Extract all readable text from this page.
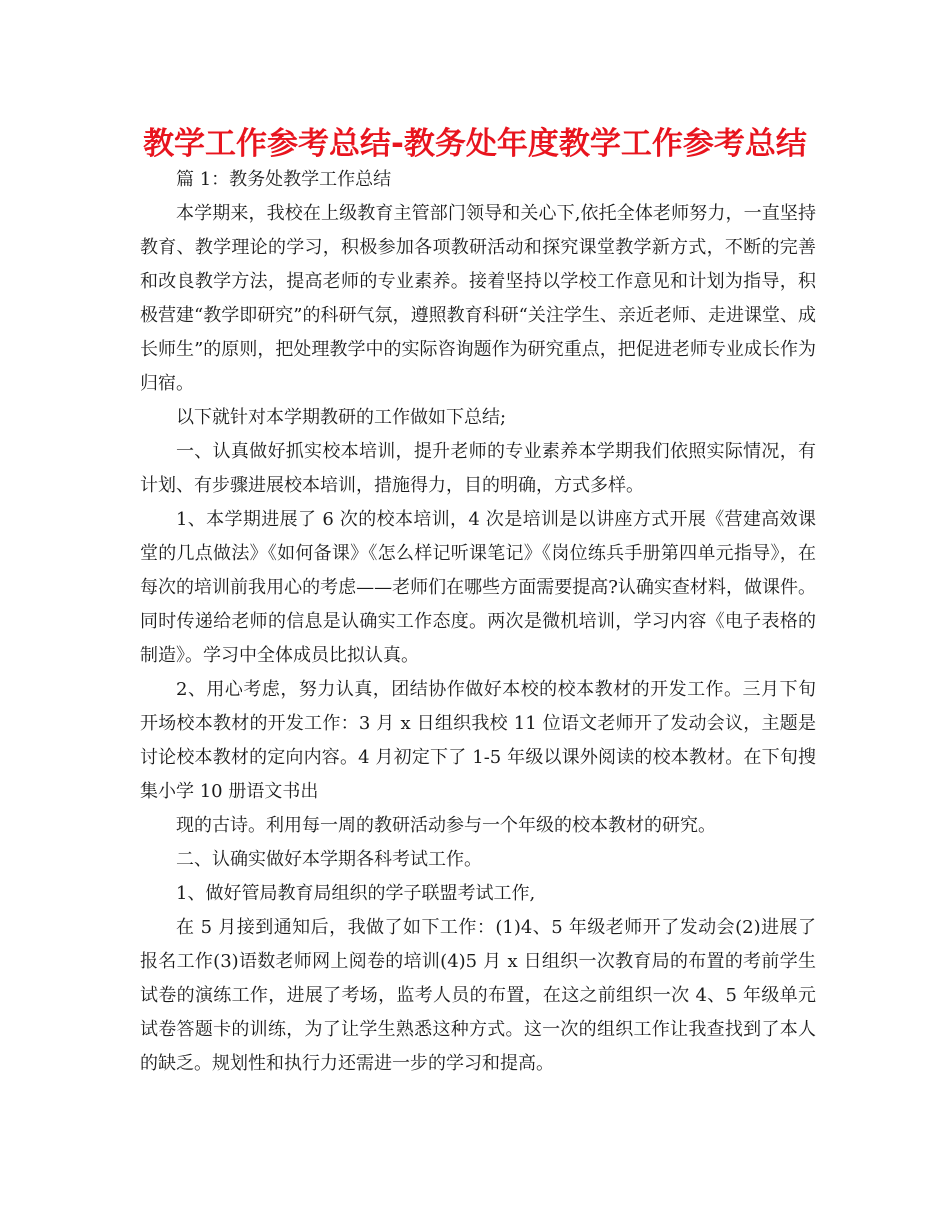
教学工作参考总结-教务处年度教学工作参考总结

篇 1：教务处教学工作总结

本学期来，我校在上级教育主管部门领导和关心下,依托全体老师努力，一直坚持教育、教学理论的学习，积极参加各项教研活动和探究课堂教学新方式，不断的完善和改良教学方法，提高老师的专业素养。接着坚持以学校工作意见和计划为指导，积极营建“教学即研究”的科研气氛，遵照教育科研“关注学生、亲近老师、走进课堂、成长师生”的原则，把处理教学中的实际咨询题作为研究重点，把促进老师专业成长作为归宿。

以下就针对本学期教研的工作做如下总结;

一、认真做好抓实校本培训，提升老师的专业素养本学期我们依照实际情况，有计划、有步骤进展校本培训，措施得力，目的明确，方式多样。

1、本学期进展了 6 次的校本培训，4 次是培训是以讲座方式开展《营建高效课堂的几点做法》《如何备课》《怎么样记听课笔记》《岗位练兵手册第四单元指导》，在每次的培训前我用心的考虑——老师们在哪些方面需要提高?认确实查材料，做课件。同时传递给老师的信息是认确实工作态度。两次是微机培训，学习内容《电子表格的制造》。学习中全体成员比拟认真。

2、用心考虑，努力认真，团结协作做好本校的校本教材的开发工作。三月下旬开场校本教材的开发工作：3 月 x 日组织我校 11 位语文老师开了发动会议，主题是讨论校本教材的定向内容。4 月初定下了 1-5 年级以课外阅读的校本教材。在下旬搜集小学 10 册语文书出

现的古诗。利用每一周的教研活动参与一个年级的校本教材的研究。

二、认确实做好本学期各科考试工作。

1、做好管局教育局组织的学子联盟考试工作,

在 5 月接到通知后，我做了如下工作：(1)4、5 年级老师开了发动会(2)进展了报名工作(3)语数老师网上阅卷的培训(4)5 月 x 日组织一次教育局的布置的考前学生试卷的演练工作，进展了考场，监考人员的布置，在这之前组织一次 4、5 年级单元试卷答题卡的训练，为了让学生熟悉这种方式。这一次的组织工作让我查找到了本人的缺乏。规划性和执行力还需进一步的学习和提高。
